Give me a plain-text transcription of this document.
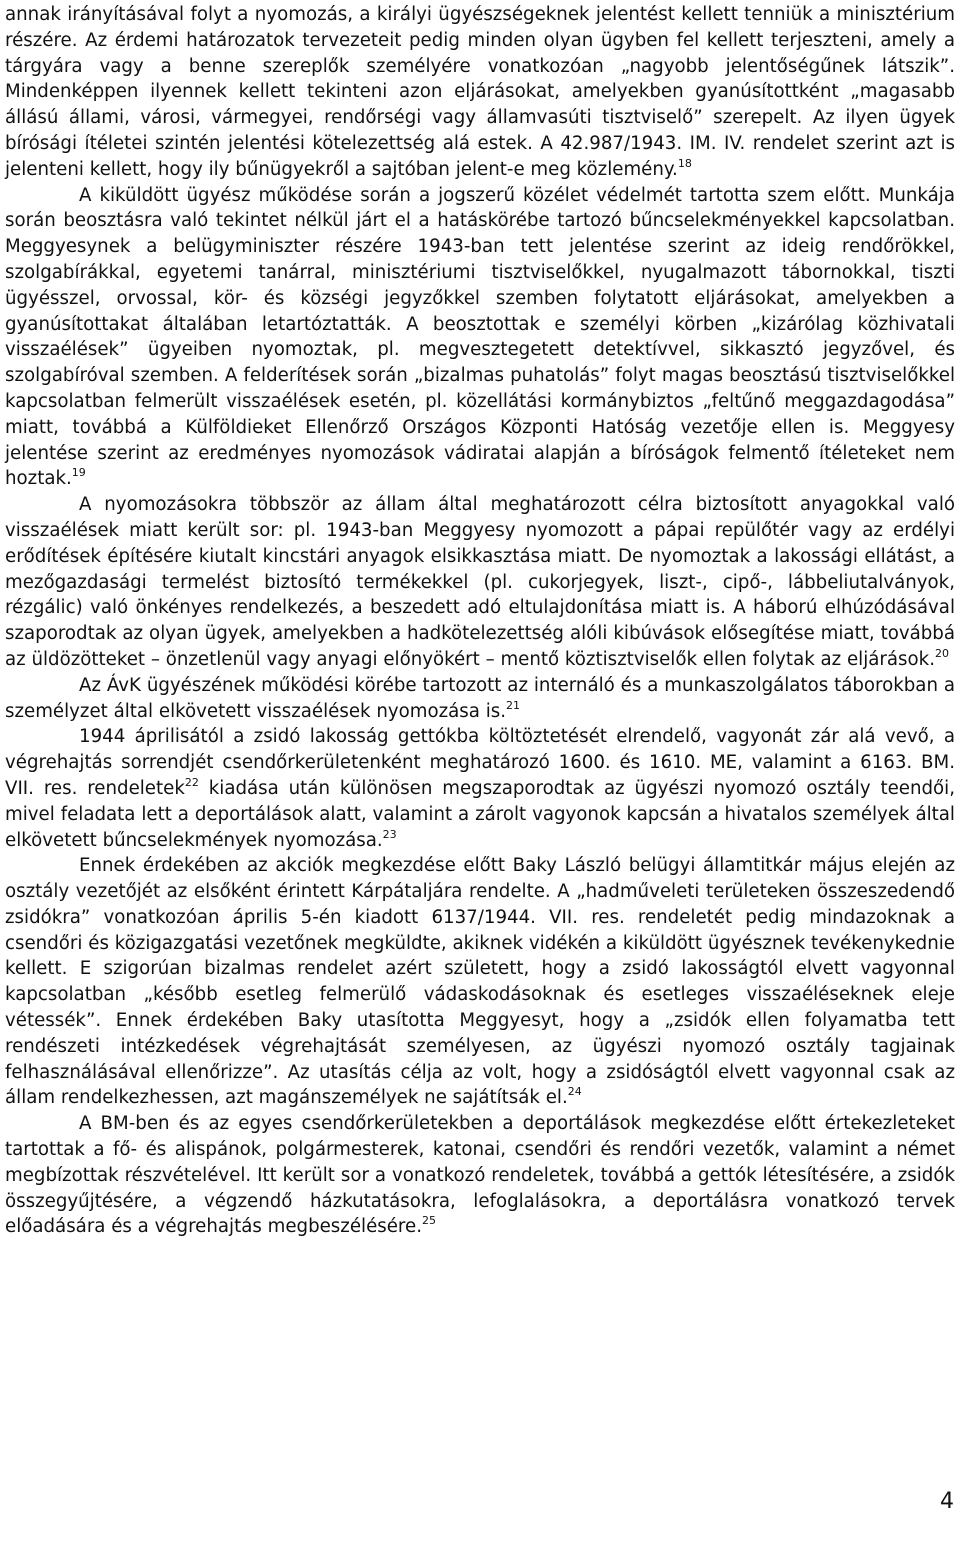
annak irányításával folyt a nyomozás, a királyi ügyészségeknek jelentést kellett tenniük a minisztérium részére. Az érdemi határozatok tervezeteit pedig minden olyan ügyben fel kellett terjeszteni, amely a tárgyára vagy a benne szereplők személyére vonatkozóan „nagyobb jelentőségűnek látszik”. Mindenképpen ilyennek kellett tekinteni azon eljárásokat, amelyekben gyanúsítottként „magasabb állású állami, városi, vármegyei, rendőrségi vagy államvasúti tisztviselő” szerepelt. Az ilyen ügyek bírósági ítéletei szintén jelentési kötelezettség alá estek. A 42.987/1943. IM. IV. rendelet szerint azt is jelenteni kellett, hogy ily bűnügyekről a sajtóban jelent-e meg közlemény.$^{18}$

A kiküldött ügyész működése során a jogszerű közélet védelmét tartotta szem előtt. Munkája során beosztásra való tekintet nélkül járt el a hatáskörébe tartozó bűncselekményekkel kapcsolatban. Meggyesynek a belügyminiszter részére 1943-ban tett jelentése szerint az ideig rendőrökkel, szolgabírákkal, egyetemi tanárral, minisztériumi tisztviselőkkel, nyugalmazott tábornokkal, tiszti ügyésszel, orvossal, kör- és községi jegyzőkkel szemben folytatott eljárásokat, amelyekben a gyanúsítottakat általában letartóztatták. A beosztottak e személyi körben „kizárólag közhivatali visszaélések” ügyeiben nyomoztak, pl. megvesztegetett detektívvel, sikkasztó jegyzővel, és szolgabíróval szemben. A felderítések során „bizalmas puhatolás” folyt magas beosztású tisztviselőkkel kapcsolatban felmerült visszaélések esetén, pl. közellátási kormánybiztos „feltűnő meggazdagodása” miatt, továbbá a Külföldieket Ellenőrző Országos Központi Hatóság vezetője ellen is. Meggyesy jelentése szerint az eredményes nyomozások vádiratai alapján a bíróságok felmentő ítéleteket nem hoztak.$^{19}$

A nyomozásokra többször az állam által meghatározott célra biztosított anyagokkal való visszaélések miatt került sor: pl. 1943-ban Meggyesy nyomozott a pápai repülőtér vagy az erdélyi erődítések építésére kiutalt kincstári anyagok elsikkasztása miatt. De nyomoztak a lakossági ellátást, a mezőgazdasági termelést biztosító termékekkel (pl. cukorjegyek, liszt-, cipő-, lábbeliutalványok, rézgálic) való önkényes rendelkezés, a beszedett adó eltulajdonítása miatt is. A háború elhúzódásával szaporodtak az olyan ügyek, amelyekben a hadkötelezettség alóli kibúvások elősegítése miatt, továbbá az üldözötteket – önzetlenül vagy anyagi előnyökért – mentő köztisztviselők ellen folytak az eljárások.$^{20}$

Az ÁvK ügyészének működési körébe tartozott az internáló és a munkaszolgálatos táborokban a személyzet által elkövetett visszaélések nyomozása is.$^{21}$

1944 áprilisától a zsidó lakosság gettókba költöztetését elrendelő, vagyonát zár alá vevő, a végrehajtás sorrendjét csendőrkerületenként meghatározó 1600. és 1610. ME, valamint a 6163. BM. VII. res. rendeletek$^{22}$ kiadása után különösen megszaporodtak az ügyészi nyomozó osztály teendői, mivel feladata lett a deportálások alatt, valamint a zárolt vagyonok kapcsán a hivatalos személyek által elkövetett bűncselekmények nyomozása.$^{23}$

Ennek érdekében az akciók megkezdése előtt Baky László belügyi államtitkár május elején az osztály vezetőjét az elsőként érintett Kárpátaljára rendelte. A „hadműveleti területeken összeszedendő zsidókra” vonatkozóan április 5-én kiadott 6137/1944. VII. res. rendeletét pedig mindazoknak a csendőri és közigazgatási vezetőnek megküldte, akiknek vidékén a kiküldött ügyésznek tevékenykednie kellett. E szigorúan bizalmas rendelet azért született, hogy a zsidó lakosságtól elvett vagyonnal kapcsolatban „később esetleg felmerülő vádaskodásoknak és esetleges visszaéléseknek eleje vétessék”. Ennek érdekében Baky utasította Meggyesyt, hogy a „zsidók ellen folyamatba tett rendészeti intézkedések végrehajtását személyesen, az ügyészi nyomozó osztály tagjainak felhasználásával ellenőrizze”. Az utasítás célja az volt, hogy a zsidóságtól elvett vagyonnal csak az állam rendelkezhessen, azt magánszemélyek ne sajátítsák el.$^{24}$

A BM-ben és az egyes csendőrkerületekben a deportálások megkezdése előtt értekezleteket tartottak a fő- és alispánok, polgármesterek, katonai, csendőri és rendőri vezetők, valamint a német megbízottak részvételével. Itt került sor a vonatkozó rendeletek, továbbá a gettók létesítésére, a zsidók összegyűjtésére, a végzendő házkutatásokra, lefoglalásokra, a deportálásra vonatkozó tervek előadására és a végrehajtás megbeszélésére.$^{25}$

4
